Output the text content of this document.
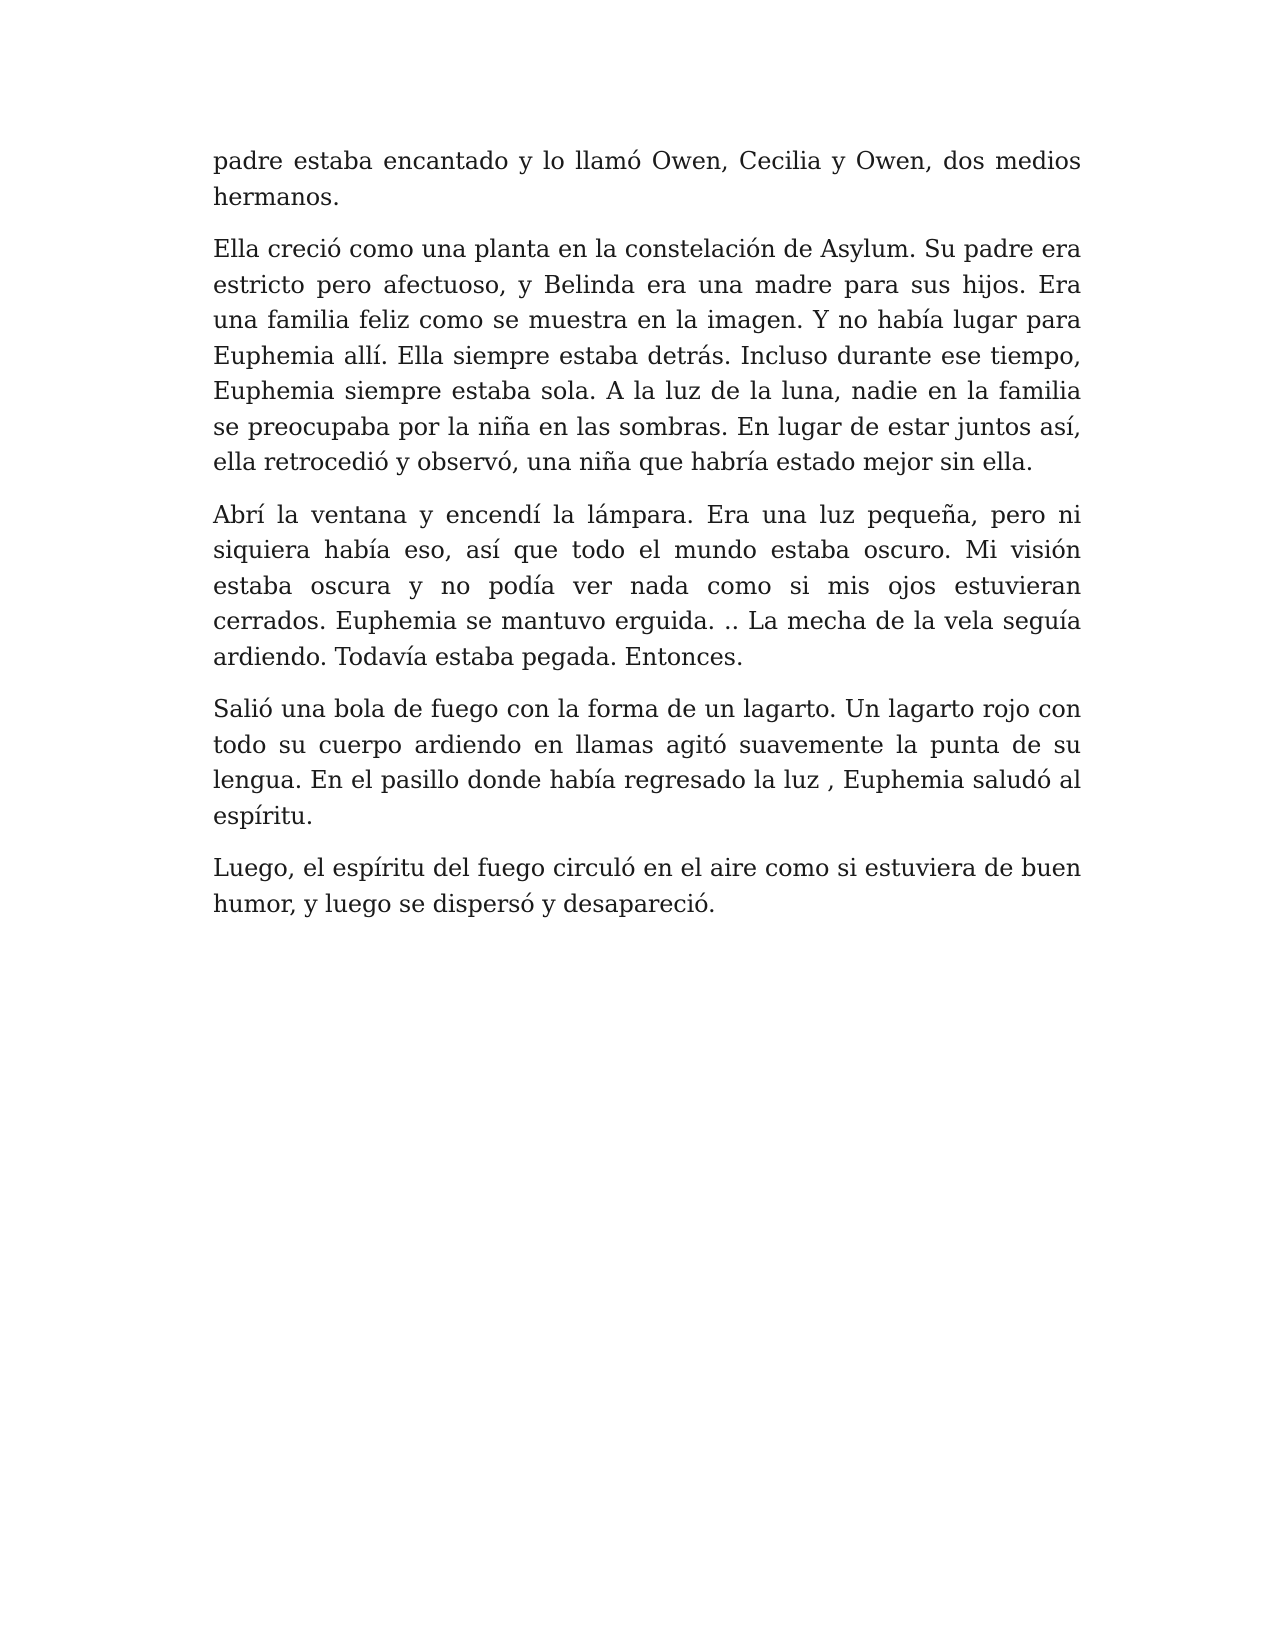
padre estaba encantado y lo llamó Owen, Cecilia y Owen, dos medios hermanos.

Ella creció como una planta en la constelación de Asylum. Su padre era estricto pero afectuoso, y Belinda era una madre para sus hijos. Era una familia feliz como se muestra en la imagen. Y no había lugar para Euphemia allí. Ella siempre estaba detrás. Incluso durante ese tiempo, Euphemia siempre estaba sola. A la luz de la luna, nadie en la familia se preocupaba por la niña en las sombras. En lugar de estar juntos así, ella retrocedió y observó, una niña que habría estado mejor sin ella.

Abrí la ventana y encendí la lámpara. Era una luz pequeña, pero ni siquiera había eso, así que todo el mundo estaba oscuro. Mi visión estaba oscura y no podía ver nada como si mis ojos estuvieran cerrados. Euphemia se mantuvo erguida. .. La mecha de la vela seguía ardiendo. Todavía estaba pegada. Entonces.

Salió una bola de fuego con la forma de un lagarto. Un lagarto rojo con todo su cuerpo ardiendo en llamas agitó suavemente la punta de su lengua. En el pasillo donde había regresado la luz , Euphemia saludó al espíritu.

Luego, el espíritu del fuego circuló en el aire como si estuviera de buen humor, y luego se dispersó y desapareció.
